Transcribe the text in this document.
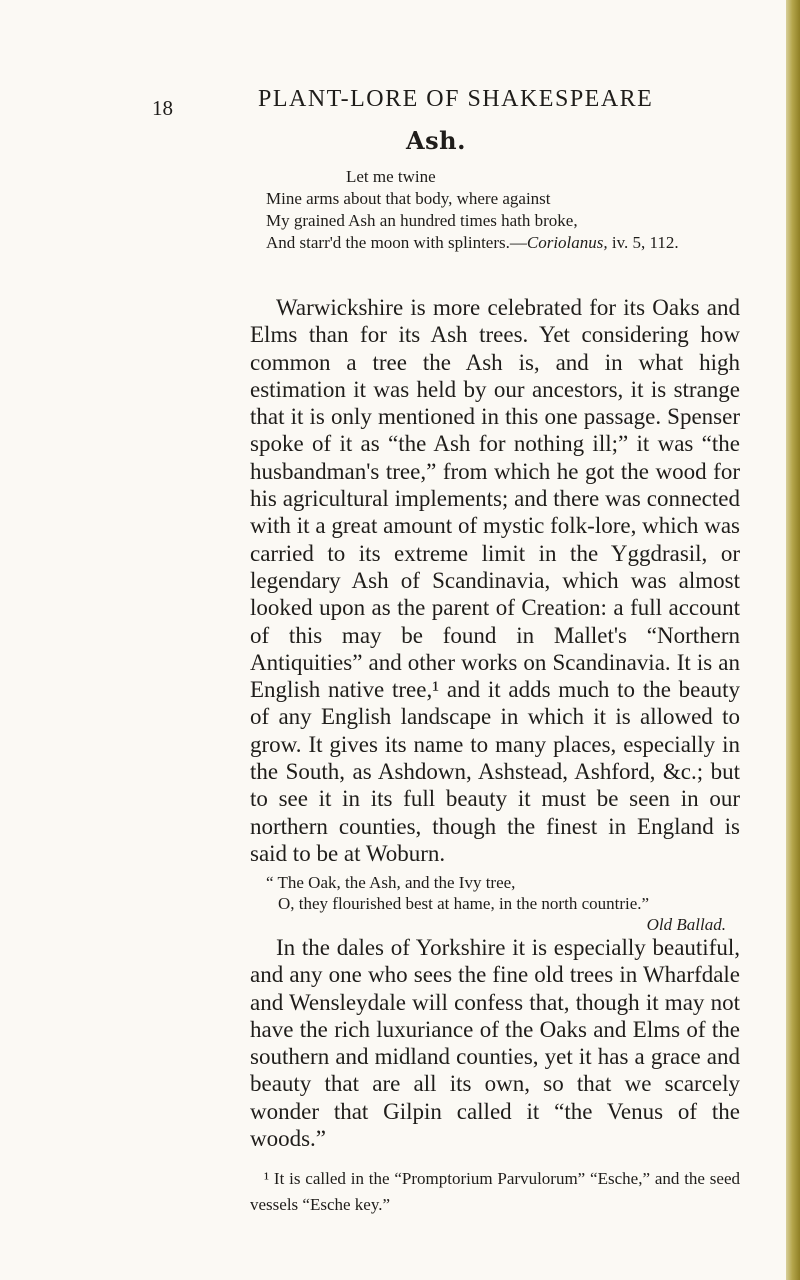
18	PLANT-LORE OF SHAKESPEARE
Ash.
Let me twine
Mine arms about that body, where against
My grained Ash an hundred times hath broke,
And starr'd the moon with splinters.—Coriolanus, iv. 5, 112.

Warwickshire is more celebrated for its Oaks and Elms than for its Ash trees. Yet considering how common a tree the Ash is, and in what high estimation it was held by our ancestors, it is strange that it is only mentioned in this one passage. Spenser spoke of it as “the Ash for nothing ill;” it was “the husbandman's tree,” from which he got the wood for his agricultural implements; and there was connected with it a great amount of mystic folk-lore, which was carried to its extreme limit in the Yggdrasil, or legendary Ash of Scandinavia, which was almost looked upon as the parent of Creation: a full account of this may be found in Mallet's “Northern Antiquities” and other works on Scandinavia. It is an English native tree,¹ and it adds much to the beauty of any English landscape in which it is allowed to grow. It gives its name to many places, especially in the South, as Ashdown, Ashstead, Ashford, &c.; but to see it in its full beauty it must be seen in our northern counties, though the finest in England is said to be at Woburn.

“ The Oak, the Ash, and the Ivy tree,
O, they flourished best at hame, in the north countrie.”
Old Ballad.

In the dales of Yorkshire it is especially beautiful, and any one who sees the fine old trees in Wharfdale and Wensleydale will confess that, though it may not have the rich luxuriance of the Oaks and Elms of the southern and midland counties, yet it has a grace and beauty that are all its own, so that we scarcely wonder that Gilpin called it “the Venus of the woods.”

¹ It is called in the “Promptorium Parvulorum” “Esche,” and the seed vessels “Esche key.”
